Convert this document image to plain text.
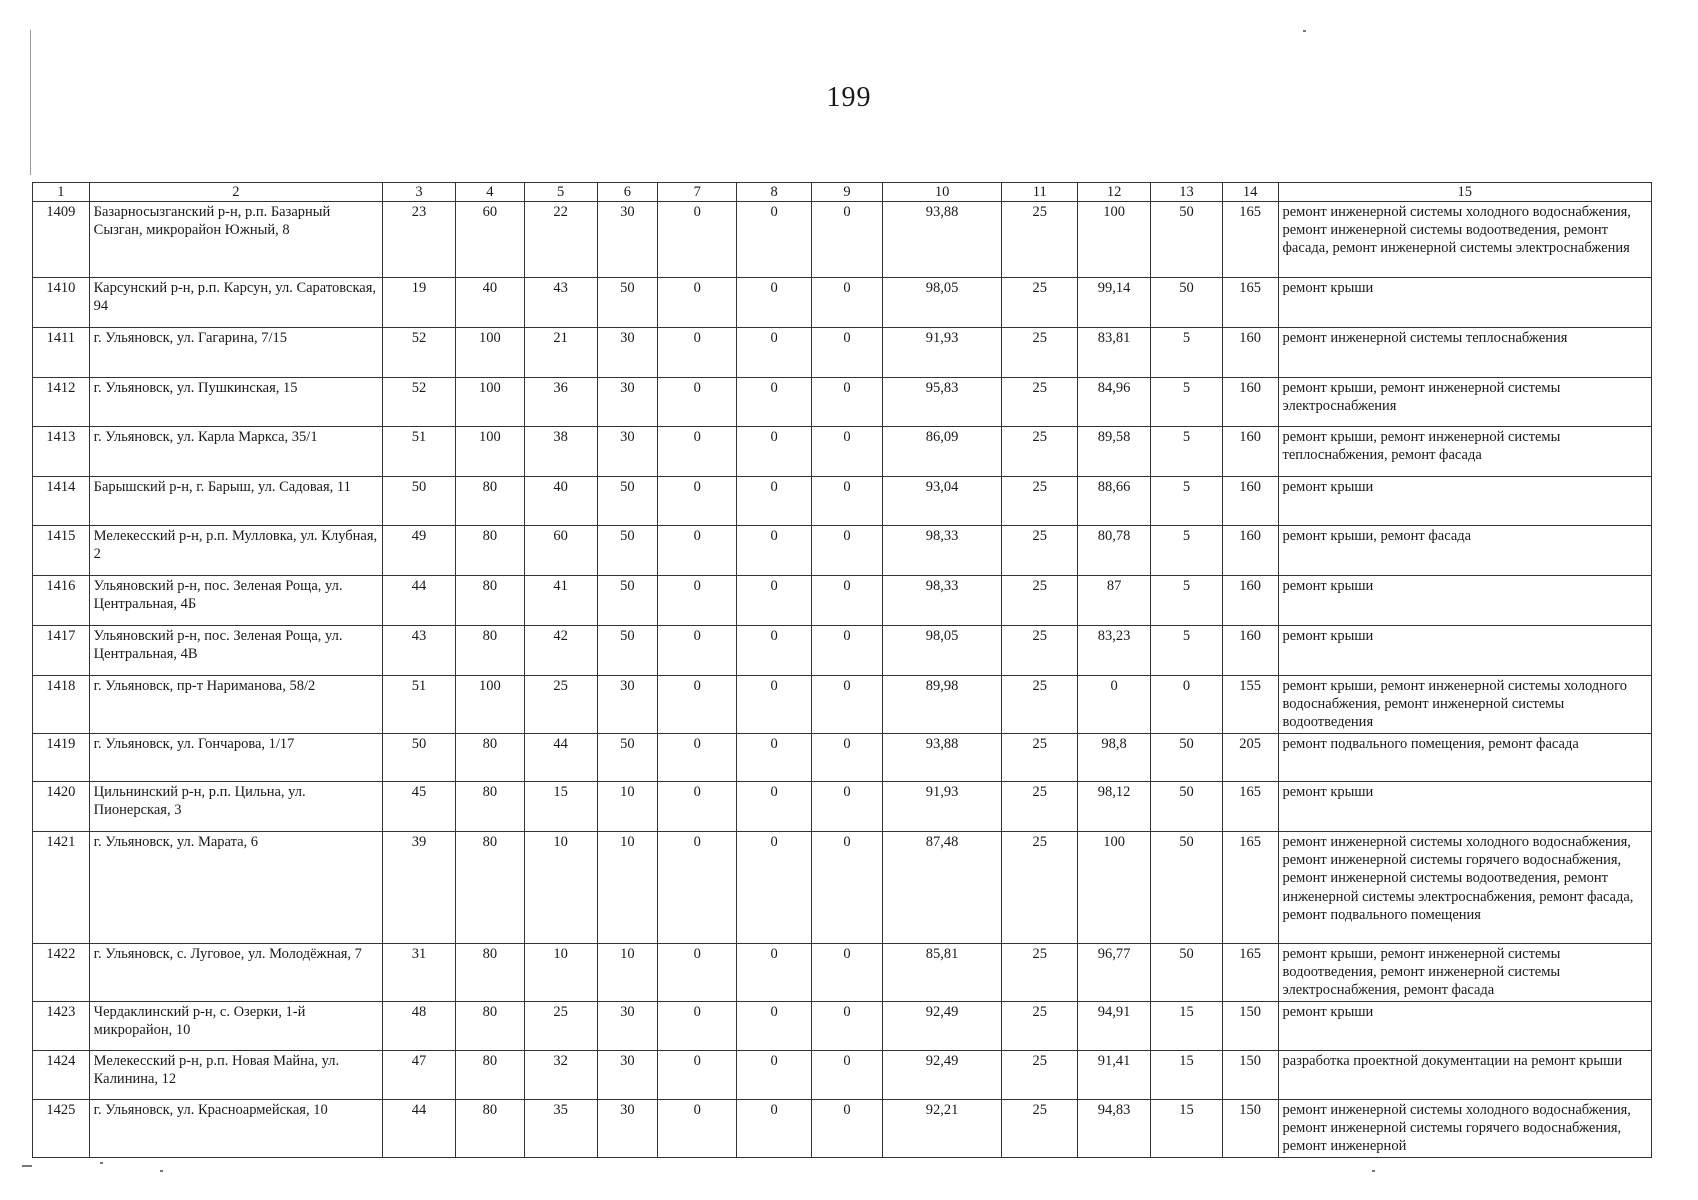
199
1	2	3	4	5	6	7	8	9	10	11	12	13	14	15
1409	Базарносызганский р-н, р.п. Базарный Сызган, микрорайон Южный, 8	23	60	22	30	0	0	0	93,88	25	100	50	165	ремонт инженерной системы холодного водоснабжения, ремонт инженерной системы водоотведения, ремонт фасада, ремонт инженерной системы электроснабжения
1410	Карсунский р-н, р.п. Карсун, ул. Саратовская, 94	19	40	43	50	0	0	0	98,05	25	99,14	50	165	ремонт крыши
1411	г. Ульяновск, ул. Гагарина, 7/15	52	100	21	30	0	0	0	91,93	25	83,81	5	160	ремонт инженерной системы теплоснабжения
1412	г. Ульяновск, ул. Пушкинская, 15	52	100	36	30	0	0	0	95,83	25	84,96	5	160	ремонт крыши, ремонт инженерной системы электроснабжения
1413	г. Ульяновск, ул. Карла Маркса, 35/1	51	100	38	30	0	0	0	86,09	25	89,58	5	160	ремонт крыши, ремонт инженерной системы теплоснабжения, ремонт фасада
1414	Барышский р-н, г. Барыш, ул. Садовая, 11	50	80	40	50	0	0	0	93,04	25	88,66	5	160	ремонт крыши
1415	Мелекесский р-н, р.п. Мулловка, ул. Клубная, 2	49	80	60	50	0	0	0	98,33	25	80,78	5	160	ремонт крыши, ремонт фасада
1416	Ульяновский р-н, пос. Зеленая Роща, ул. Центральная, 4Б	44	80	41	50	0	0	0	98,33	25	87	5	160	ремонт крыши
1417	Ульяновский р-н, пос. Зеленая Роща, ул. Центральная, 4В	43	80	42	50	0	0	0	98,05	25	83,23	5	160	ремонт крыши
1418	г. Ульяновск, пр-т Нариманова, 58/2	51	100	25	30	0	0	0	89,98	25	0	0	155	ремонт крыши, ремонт инженерной системы холодного водоснабжения, ремонт инженерной системы водоотведения
1419	г. Ульяновск, ул. Гончарова, 1/17	50	80	44	50	0	0	0	93,88	25	98,8	50	205	ремонт подвального помещения, ремонт фасада
1420	Цильнинский р-н, р.п. Цильна, ул. Пионерская, 3	45	80	15	10	0	0	0	91,93	25	98,12	50	165	ремонт крыши
1421	г. Ульяновск, ул. Марата, 6	39	80	10	10	0	0	0	87,48	25	100	50	165	ремонт инженерной системы холодного водоснабжения, ремонт инженерной системы горячего водоснабжения, ремонт инженерной системы водоотведения, ремонт инженерной системы электроснабжения, ремонт фасада, ремонт подвального помещения
1422	г. Ульяновск, с. Луговое, ул. Молодёжная, 7	31	80	10	10	0	0	0	85,81	25	96,77	50	165	ремонт крыши, ремонт инженерной системы водоотведения, ремонт инженерной системы электроснабжения, ремонт фасада
1423	Чердаклинский р-н, с. Озерки, 1-й микрорайон, 10	48	80	25	30	0	0	0	92,49	25	94,91	15	150	ремонт крыши
1424	Мелекесский р-н, р.п. Новая Майна, ул. Калинина, 12	47	80	32	30	0	0	0	92,49	25	91,41	15	150	разработка проектной документации на ремонт крыши
1425	г. Ульяновск, ул. Красноармейская, 10	44	80	35	30	0	0	0	92,21	25	94,83	15	150	ремонт инженерной системы холодного водоснабжения, ремонт инженерной системы горячего водоснабжения, ремонт инженерной
